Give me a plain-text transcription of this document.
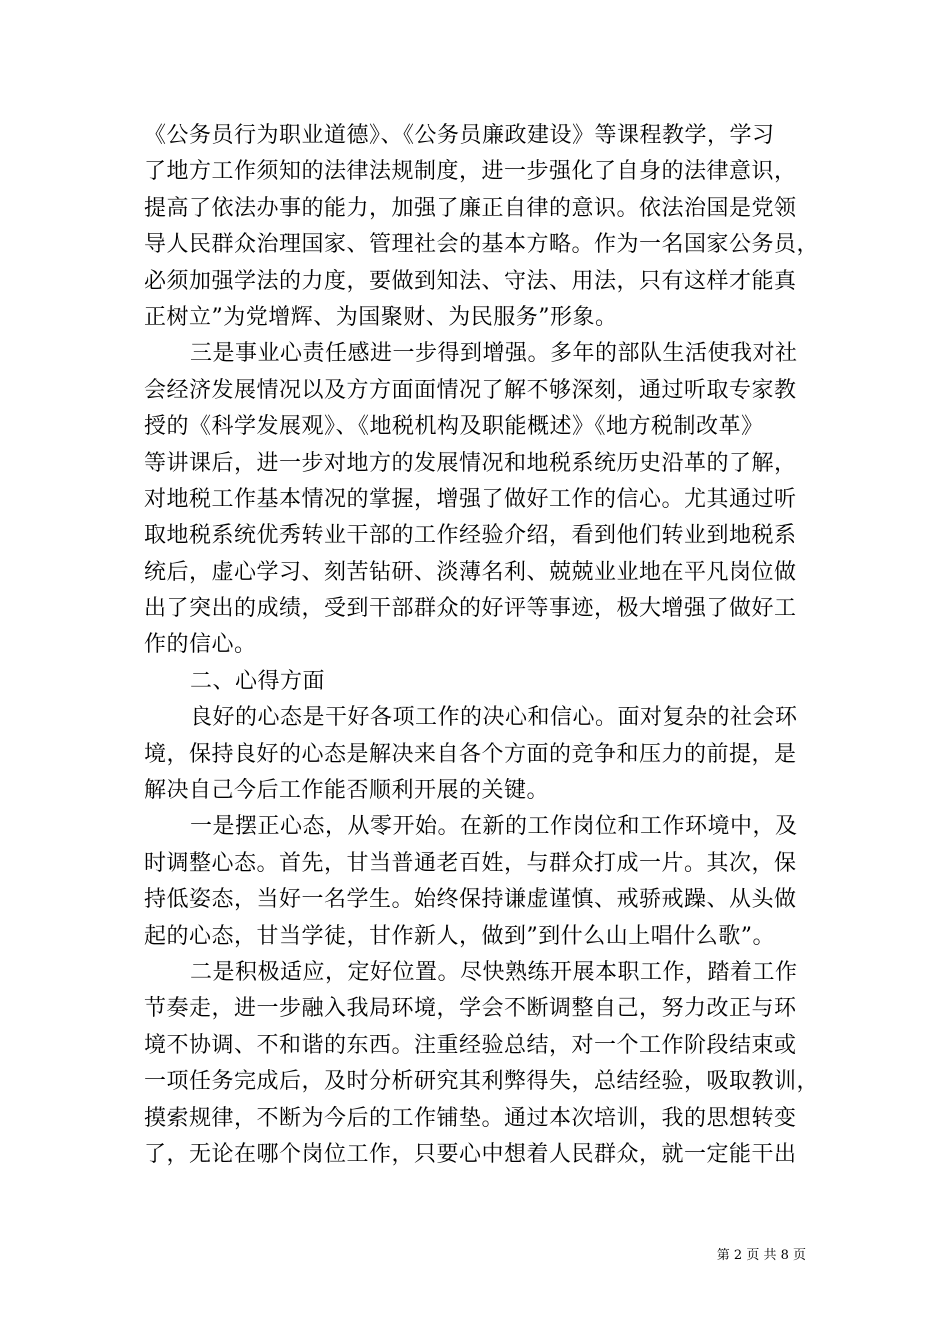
《公务员行为职业道德》、《公务员廉政建设》等课程教学，学习
了地方工作须知的法律法规制度，进一步强化了自身的法律意识，
提高了依法办事的能力，加强了廉正自律的意识。依法治国是党领
导人民群众治理国家、管理社会的基本方略。作为一名国家公务员，
必须加强学法的力度，要做到知法、守法、用法，只有这样才能真
正树立”为党增辉、为国聚财、为民服务”形象。
三是事业心责任感进一步得到增强。多年的部队生活使我对社
会经济发展情况以及方方面面情况了解不够深刻，通过听取专家教
授的《科学发展观》、《地税机构及职能概述》《地方税制改革》
等讲课后，进一步对地方的发展情况和地税系统历史沿革的了解，
对地税工作基本情况的掌握，增强了做好工作的信心。尤其通过听
取地税系统优秀转业干部的工作经验介绍，看到他们转业到地税系
统后，虚心学习、刻苦钻研、淡薄名利、兢兢业业地在平凡岗位做
出了突出的成绩，受到干部群众的好评等事迹，极大增强了做好工
作的信心。
二、心得方面
良好的心态是干好各项工作的决心和信心。面对复杂的社会环
境，保持良好的心态是解决来自各个方面的竞争和压力的前提，是
解决自己今后工作能否顺利开展的关键。
一是摆正心态，从零开始。在新的工作岗位和工作环境中，及
时调整心态。首先，甘当普通老百姓，与群众打成一片。其次，保
持低姿态，当好一名学生。始终保持谦虚谨慎、戒骄戒躁、从头做
起的心态，甘当学徒，甘作新人，做到”到什么山上唱什么歌”。
二是积极适应，定好位置。尽快熟练开展本职工作，踏着工作
节奏走，进一步融入我局环境，学会不断调整自己，努力改正与环
境不协调、不和谐的东西。注重经验总结，对一个工作阶段结束或
一项任务完成后，及时分析研究其利弊得失，总结经验，吸取教训，
摸索规律，不断为今后的工作铺垫。通过本次培训，我的思想转变
了，无论在哪个岗位工作，只要心中想着人民群众，就一定能干出
第 2 页 共 8 页
